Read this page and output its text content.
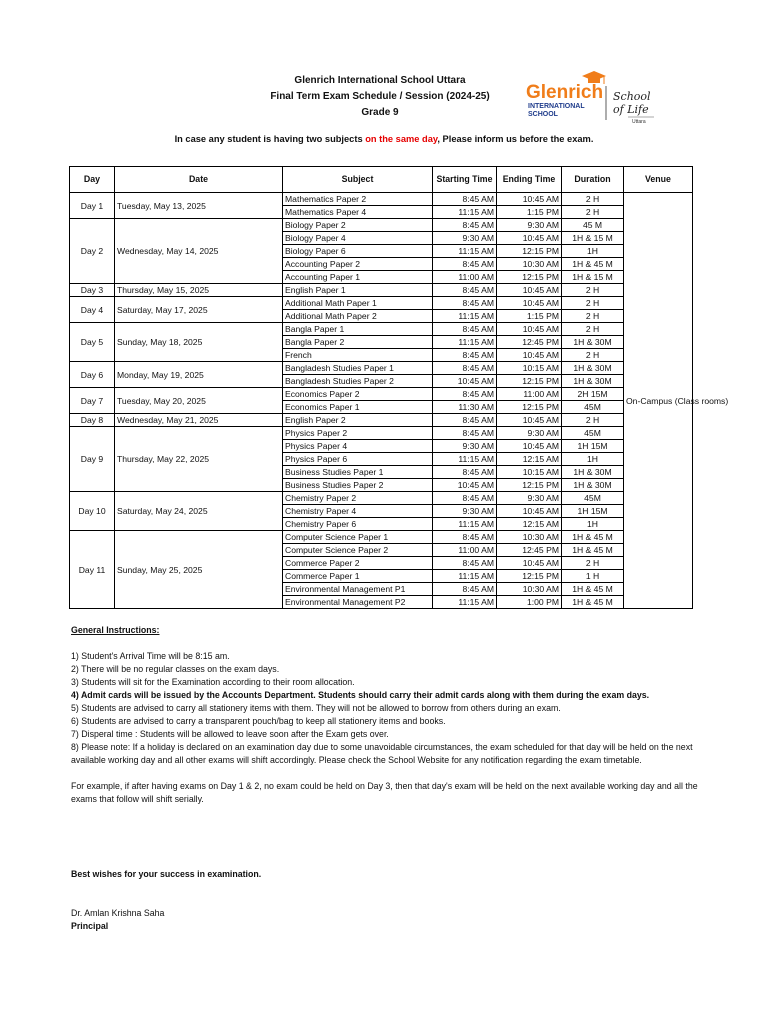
Glenrich International School Uttara
Final Term Exam Schedule / Session (2024-25)
Grade 9
Glenrich
INTERNATIONAL
SCHOOL
School
of Life
Uttara
In case any student is having two subjects on the same day, Please inform us before the exam.
Day	Date	Subject	Starting Time	Ending Time	Duration	Venue
Day 1	Tuesday, May 13, 2025	Mathematics Paper 2	8:45 AM	10:45 AM	2 H	On-Campus (Class rooms)
		Mathematics Paper 4	11:15 AM	1:15 PM	2 H	
Day 2	Wednesday, May 14, 2025	Biology Paper 2	8:45 AM	9:30 AM	45 M	
		Biology Paper 4	9:30 AM	10:45 AM	1H & 15 M	
		Biology Paper 6	11:15 AM	12:15 PM	1H	
		Accounting Paper 2	8:45 AM	10:30 AM	1H & 45 M	
		Accounting Paper 1	11:00 AM	12:15 PM	1H & 15 M	
Day 3	Thursday, May 15, 2025	English Paper 1	8:45 AM	10:45 AM	2 H	
Day 4	Saturday, May 17, 2025	Additional Math Paper 1	8:45 AM	10:45 AM	2 H	
		Additional Math Paper 2	11:15 AM	1:15 PM	2 H	
Day 5	Sunday, May 18, 2025	Bangla Paper 1	8:45 AM	10:45 AM	2 H	
		Bangla Paper 2	11:15 AM	12:45 PM	1H & 30M	
		French	8:45 AM	10:45 AM	2 H	
Day 6	Monday, May 19, 2025	Bangladesh Studies Paper 1	8:45 AM	10:15 AM	1H & 30M	
		Bangladesh Studies Paper 2	10:45 AM	12:15 PM	1H & 30M	
Day 7	Tuesday, May 20, 2025	Economics Paper 2	8:45 AM	11:00 AM	2H 15M	
		Economics Paper 1	11:30 AM	12:15 PM	45M	
Day 8	Wednesday, May 21, 2025	English Paper 2	8:45 AM	10:45 AM	2 H	
Day 9	Thursday, May 22, 2025	Physics Paper 2	8:45 AM	9:30 AM	45M	
		Physics Paper 4	9:30 AM	10:45 AM	1H 15M	
		Physics Paper 6	11:15 AM	12:15 AM	1H	
		Business Studies Paper 1	8:45 AM	10:15 AM	1H & 30M	
		Business Studies Paper 2	10:45 AM	12:15 PM	1H & 30M	
Day 10	Saturday, May 24, 2025	Chemistry Paper 2	8:45 AM	9:30 AM	45M	
		Chemistry Paper 4	9:30 AM	10:45 AM	1H 15M	
		Chemistry Paper 6	11:15 AM	12:15 AM	1H	
Day 11	Sunday, May 25, 2025	Computer Science Paper 1	8:45 AM	10:30 AM	1H & 45 M	
		Computer Science Paper 2	11:00 AM	12:45 PM	1H & 45 M	
		Commerce Paper 2	8:45 AM	10:45 AM	2 H	
		Commerce Paper 1	11:15 AM	12:15 PM	1 H	
		Environmental Management P1	8:45 AM	10:30 AM	1H & 45 M	
		Environmental Management P2	11:15 AM	1:00 PM	1H & 45 M	

General Instructions:

1) Student's Arrival Time will be 8:15 am.

2) There will be no regular classes on the exam days.

3) Students will sit for the Examination according to their room allocation.

4) Admit cards will be issued by the Accounts Department. Students should carry their admit cards along with them during the exam days.

5) Students are advised to carry all stationery items with them. They will not be allowed to borrow from others during an exam.

6) Students are advised to carry a transparent pouch/bag to keep all stationery items and books.

7) Disperal time : Students will be allowed to leave soon after the Exam gets over.

8) Please note: If a holiday is declared on an examination day due to some unavoidable circumstances, the exam scheduled for that day will be held on the next available working day and all other exams will shift accordingly. Please check the School Website for any notification regarding the exam timetable.

For example, if after having exams on Day 1 & 2, no exam could be held on Day 3, then that day's exam will be held on the next available working day and all the exams that follow will shift serially.

Best wishes for your success in examination.
Dr. Amlan Krishna Saha
Principal
